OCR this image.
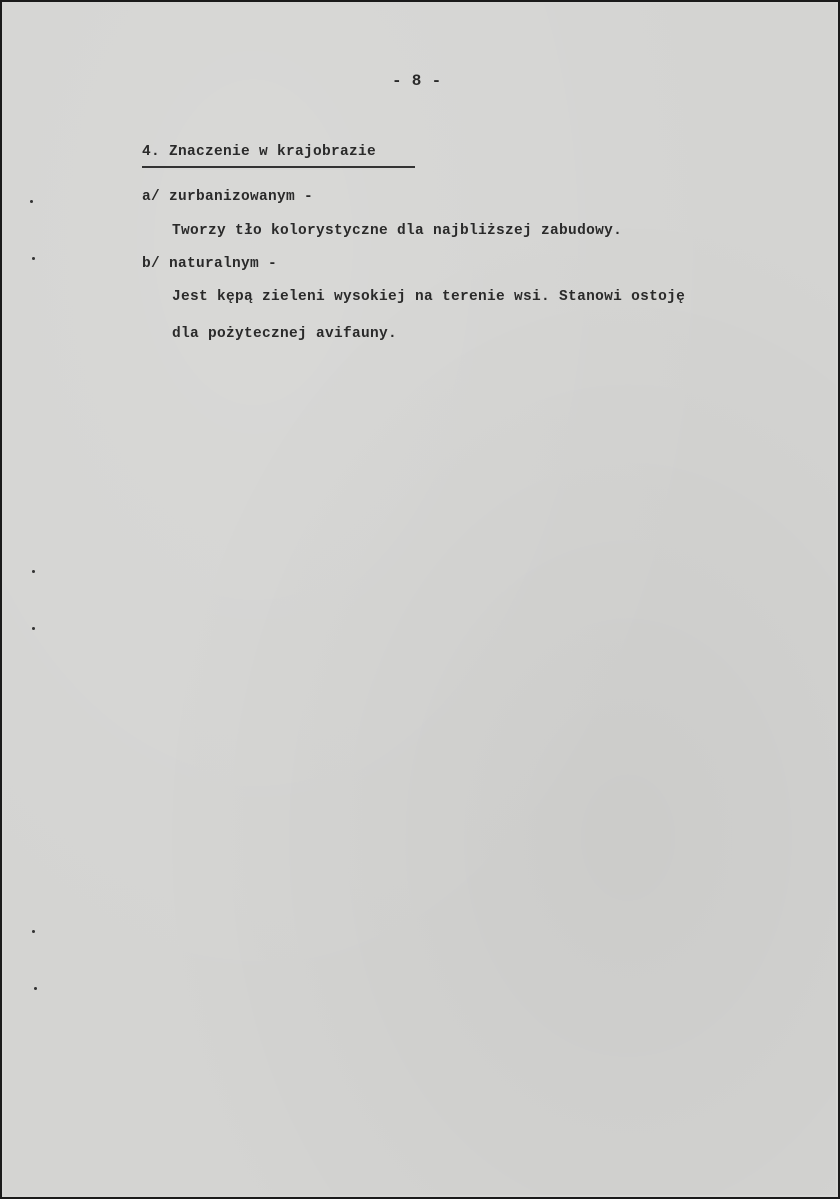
- 8 -
4. Znaczenie w krajobrazie
a/ zurbanizowanym -
Tworzy tło kolorystyczne dla najbliższej zabudowy.
b/ naturalnym -
Jest kępą zieleni wysokiej na terenie wsi. Stanowi ostoję
dla pożytecznej avifauny.
